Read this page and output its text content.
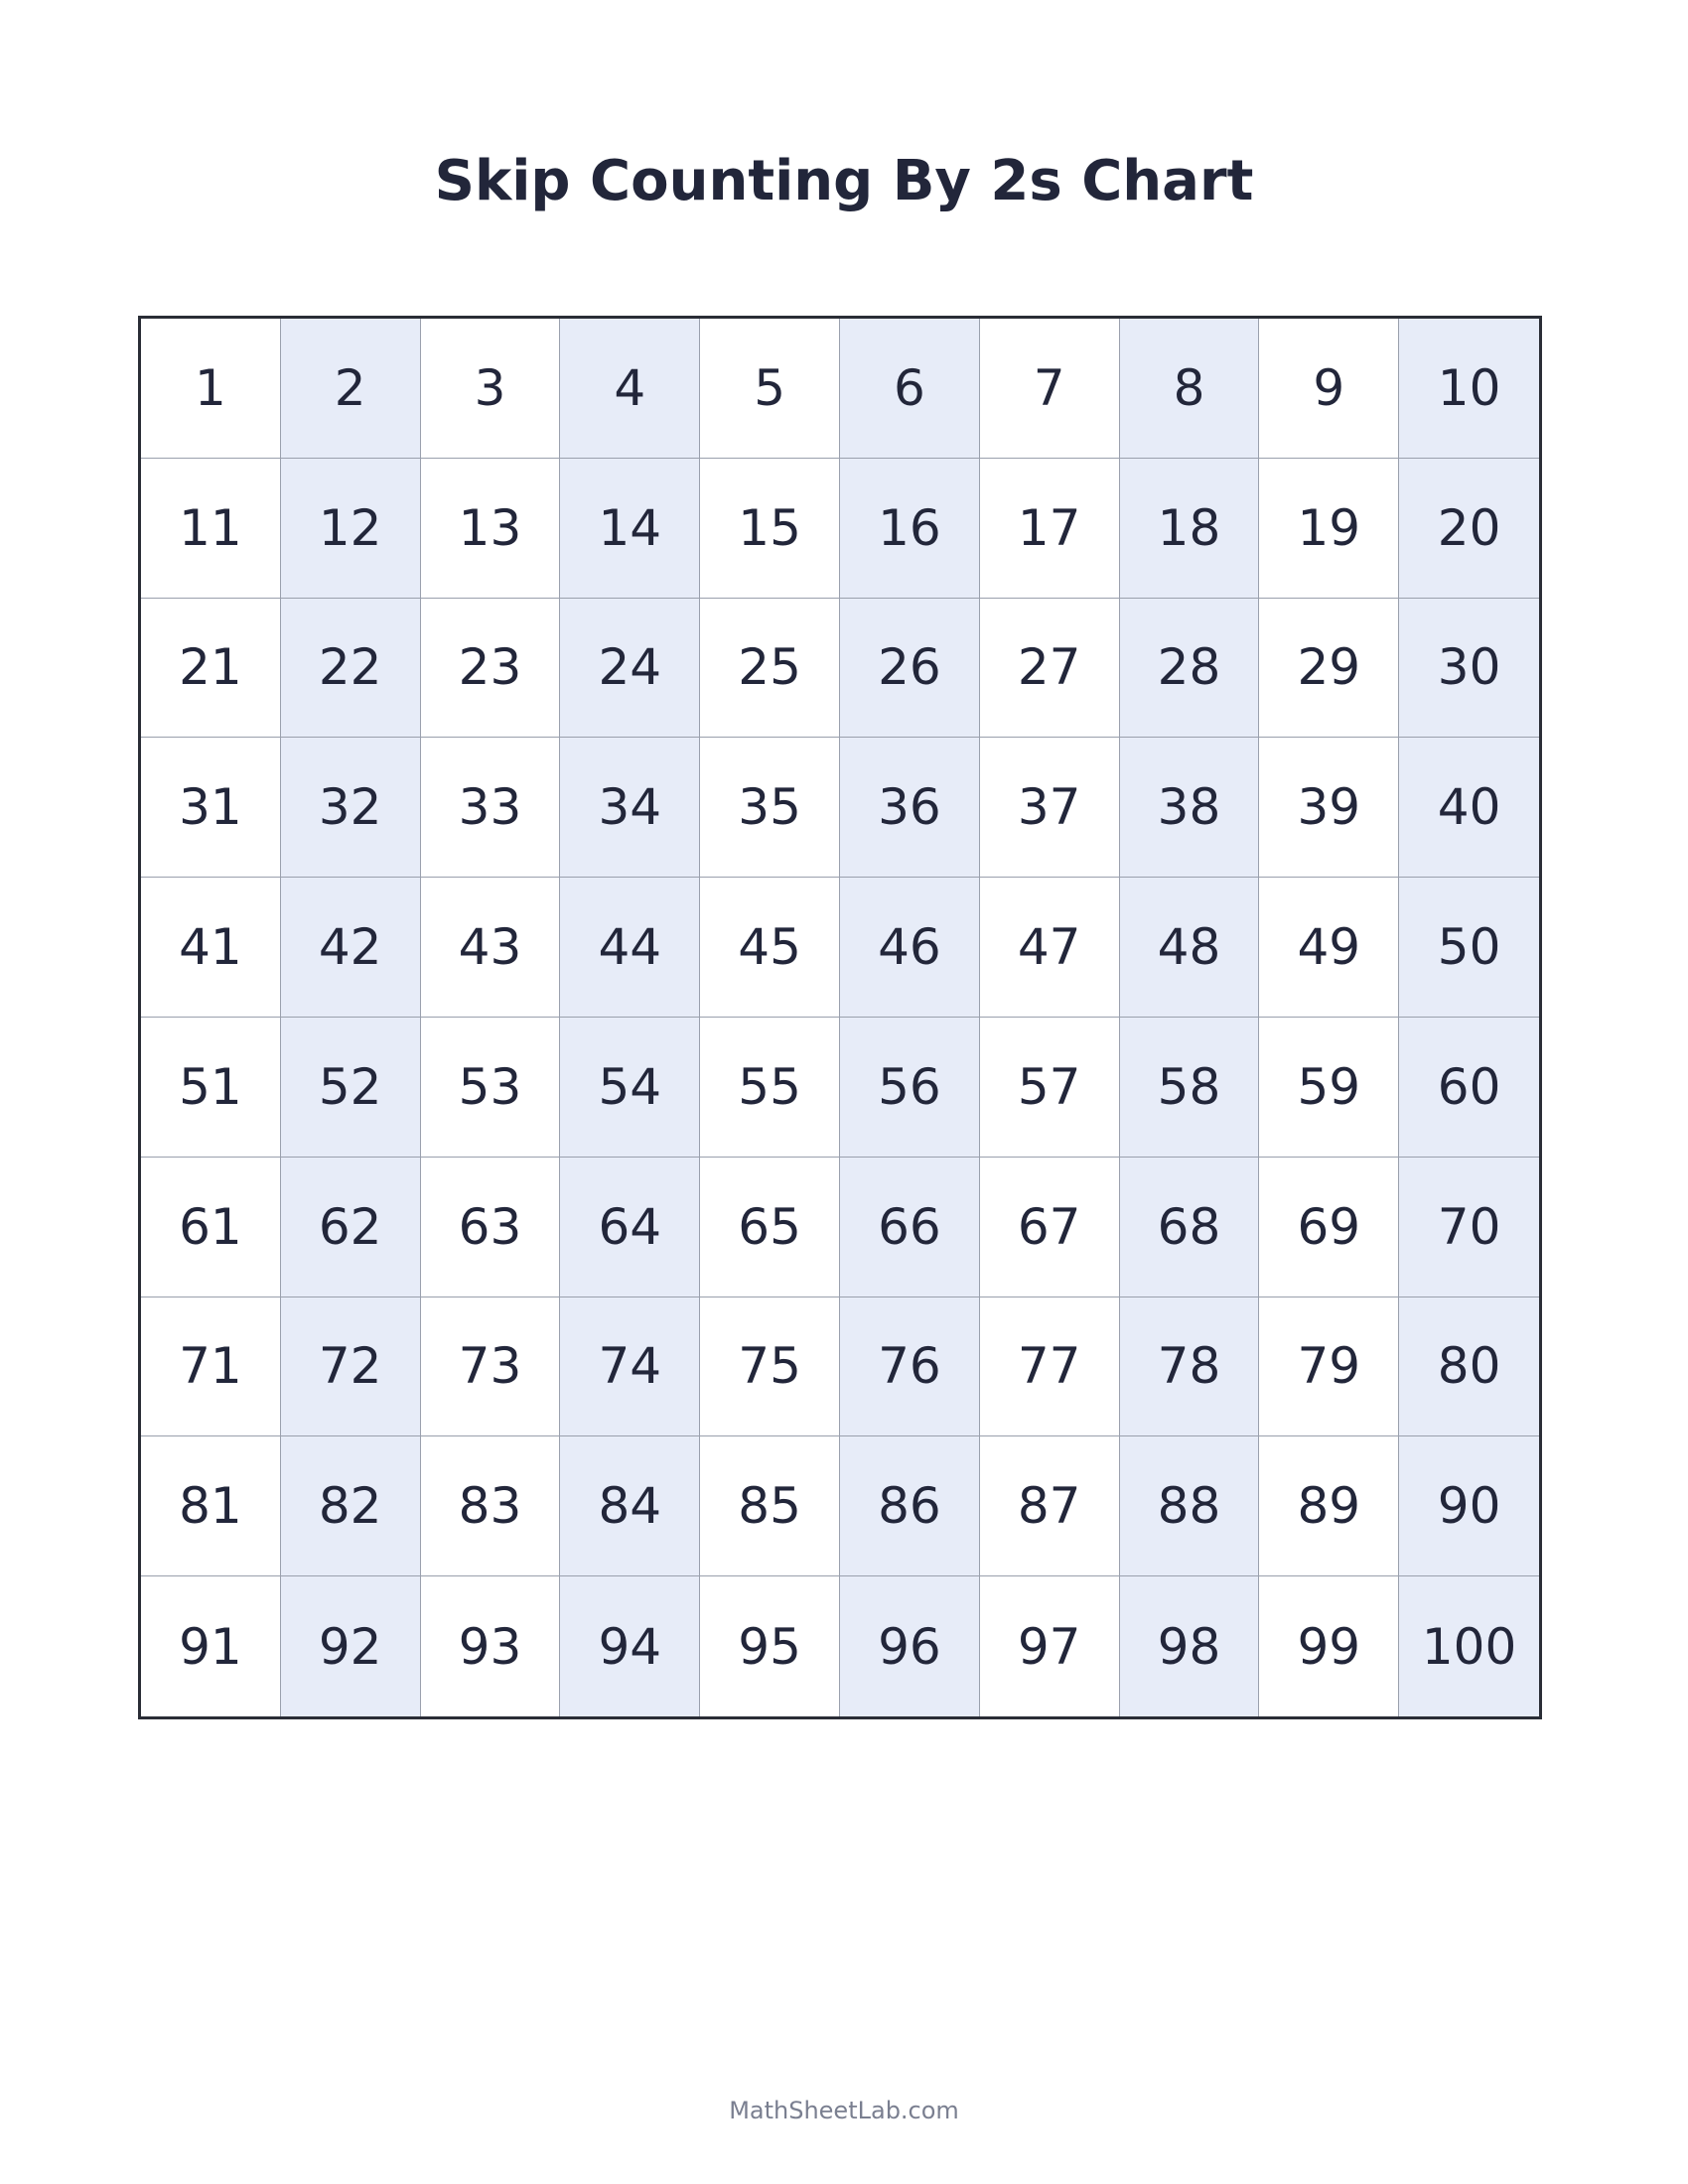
Skip Counting By 2s Chart
1	2	3	4	5	6	7	8	9	10
11	12	13	14	15	16	17	18	19	20
21	22	23	24	25	26	27	28	29	30
31	32	33	34	35	36	37	38	39	40
41	42	43	44	45	46	47	48	49	50
51	52	53	54	55	56	57	58	59	60
61	62	63	64	65	66	67	68	69	70
71	72	73	74	75	76	77	78	79	80
81	82	83	84	85	86	87	88	89	90
91	92	93	94	95	96	97	98	99	100
MathSheetLab.com
